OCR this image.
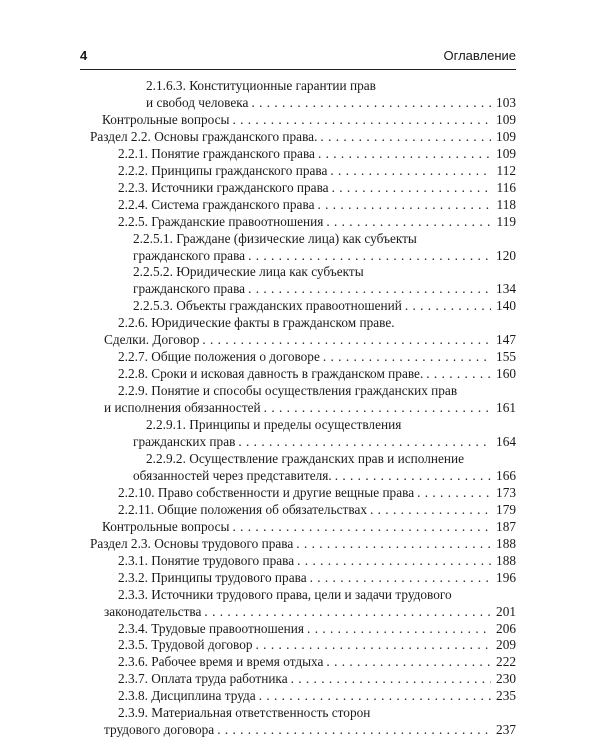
4	Оглавление
2.1.6.3. Конституционные гарантии прав
и свобод человека . . .	103
Контрольные вопросы . . .	109
Раздел 2.2. Основы гражданского права. . . .	109
2.2.1. Понятие гражданского права . . .	109
2.2.2. Принципы гражданского права . . .	112
2.2.3. Источники гражданского права . . .	116
2.2.4. Система гражданского права . . .	118
2.2.5. Гражданские правоотношения . . .	119
2.2.5.1. Граждане (физические лица) как субъекты
гражданского права . . .	120
2.2.5.2. Юридические лица как субъекты
гражданского права . . .	134
2.2.5.3. Объекты гражданских правоотношений . . .	140
2.2.6. Юридические факты в гражданском праве.
Сделки. Договор . . .	147
2.2.7. Общие положения о договоре . . .	155
2.2.8. Сроки и исковая давность в гражданском праве. . . .	160
2.2.9. Понятие и способы осуществления гражданских прав
и исполнения обязанностей . . .	161
2.2.9.1. Принципы и пределы осуществления
гражданских прав . . .	164
2.2.9.2. Осуществление гражданских прав и исполнение
обязанностей через представителя. . . .	166
2.2.10. Право собственности и другие вещные права . . .	173
2.2.11. Общие положения об обязательствах . . .	179
Контрольные вопросы . . .	187
Раздел 2.3. Основы трудового права . . .	188
2.3.1. Понятие трудового права . . .	188
2.3.2. Принципы трудового права . . .	196
2.3.3. Источники трудового права, цели и задачи трудового
законодательства . . .	201
2.3.4. Трудовые правоотношения . . .	206
2.3.5. Трудовой договор . . .	209
2.3.6. Рабочее время и время отдыха . . .	222
2.3.7. Оплата труда работника . . .	230
2.3.8. Дисциплина труда . . .	235
2.3.9. Материальная ответственность сторон
трудового договора . . .	237
